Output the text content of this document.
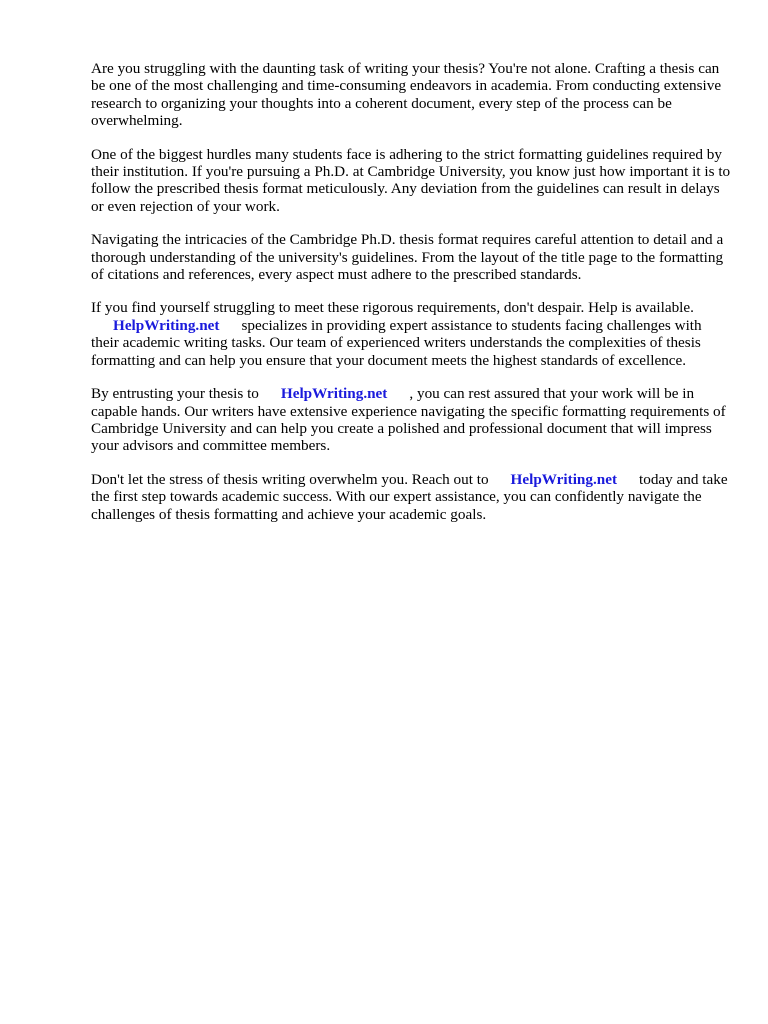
Are you struggling with the daunting task of writing your thesis? You're not alone. Crafting a thesis can be one of the most challenging and time-consuming endeavors in academia. From conducting extensive research to organizing your thoughts into a coherent document, every step of the process can be overwhelming.

One of the biggest hurdles many students face is adhering to the strict formatting guidelines required by their institution. If you're pursuing a Ph.D. at Cambridge University, you know just how important it is to follow the prescribed thesis format meticulously. Any deviation from the guidelines can result in delays or even rejection of your work.

Navigating the intricacies of the Cambridge Ph.D. thesis format requires careful attention to detail and a thorough understanding of the university's guidelines. From the layout of the title page to the formatting of citations and references, every aspect must adhere to the prescribed standards.

If you find yourself struggling to meet these rigorous requirements, don't despair. Help is available.
HelpWriting.net specializes in providing expert assistance to students facing challenges with their academic writing tasks. Our team of experienced writers understands the complexities of thesis formatting and can help you ensure that your document meets the highest standards of excellence.

By entrusting your thesis to HelpWriting.net , you can rest assured that your work will be in capable hands. Our writers have extensive experience navigating the specific formatting requirements of Cambridge University and can help you create a polished and professional document that will impress your advisors and committee members.

Don't let the stress of thesis writing overwhelm you. Reach out to HelpWriting.net today and take the first step towards academic success. With our expert assistance, you can confidently navigate the challenges of thesis formatting and achieve your academic goals.
